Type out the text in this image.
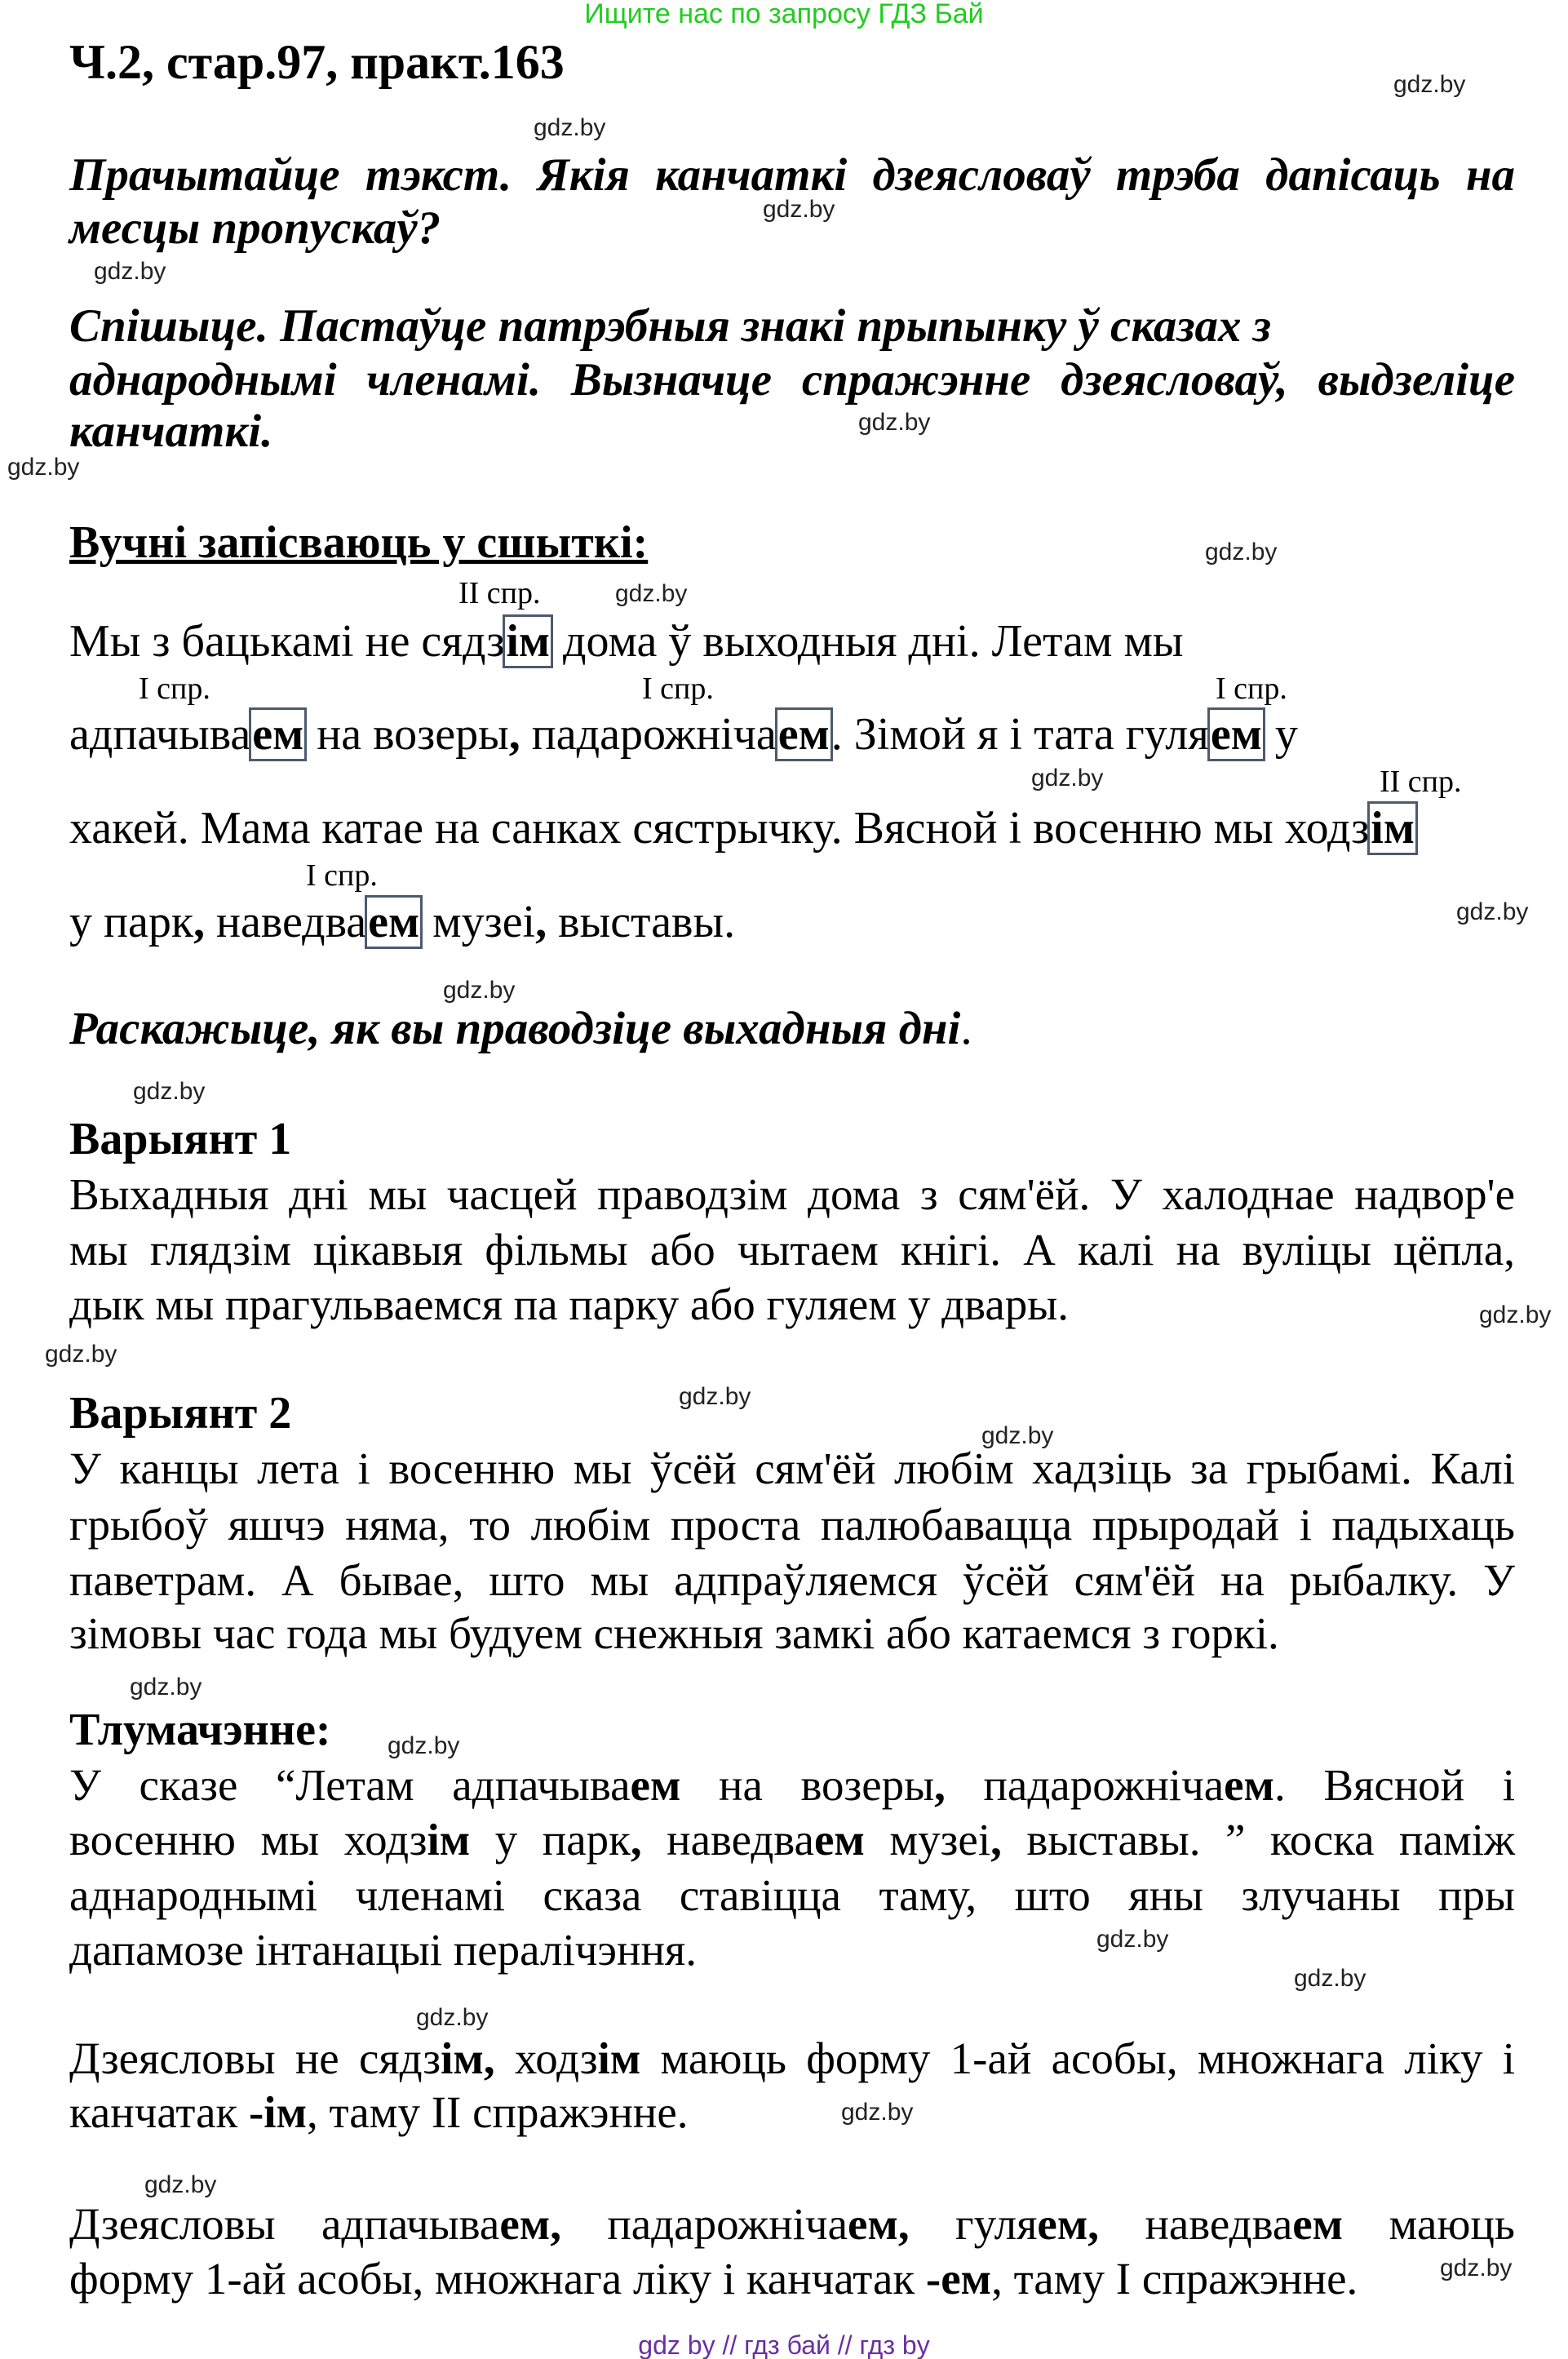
Ищите нас по запросу ГДЗ Бай
Ч.2, стар.97, практ.163
Прачытайце тэкст. Якія канчаткі дзеясловаў трэба дапісаць на
месцы пропускаў?
Спішыце. Пастаўце патрэбныя знакі прыпынку ў сказах з
аднароднымі членамі. Вызначце спражэнне дзеясловаў, выдзеліце
канчаткі.
Вучні запісваюць у сшыткі:
II спр.
I спр.	I спр.	I спр.
II спр.
I спр.
Мы з бацькамі не сядзім дома ў выходныя дні. Летам мы
адпачываем на возеры, падарожнічаем. Зімой я і тата гуляем у
хакей. Мама катае на санках сястрычку. Вясной і восенню мы ходзім
у парк, наведваем музеі, выставы.
Раскажыце, як вы праводзіце выхадныя дні.
Варыянт 1
Выхадныя дні мы часцей праводзім дома з сям'ёй. У халоднае надвор'е
мы глядзім цікавыя фільмы або чытаем кнігі. А калі на вуліцы цёпла,
дык мы прагульваемся па парку або гуляем у двары.
Варыянт 2
У канцы лета і восенню мы ўсёй сям'ёй любім хадзіць за грыбамі. Калі
грыбоў яшчэ няма, то любім проста палюбавацца прыродай і падыхаць
паветрам. А бывае, што мы адпраўляемся ўсёй сям'ёй на рыбалку. У
зімовы час года мы будуем снежныя замкі або катаемся з горкі.
Тлумачэнне:
У сказе “Летам адпачываем на возеры, падарожнічаем. Вясной і
восенню мы ходзім у парк, наведваем музеі, выставы. ” коска паміж
аднароднымі членамі сказа ставіцца таму, што яны злучаны пры
дапамозе інтанацыі пералічэння.
Дзеясловы не сядзім, ходзім маюць форму 1-ай асобы, множнага ліку і
канчатак -ім, таму II спражэнне.
Дзеясловы адпачываем, падарожнічаем, гуляем, наведваем маюць
форму 1-ай асобы, множнага ліку і канчатак -ем, таму I спражэнне.
gdz by // гдз бай // гдз by
gdz.by
gdz.by
gdz.by
gdz.by
gdz.by
gdz.by
gdz.by
gdz.by
gdz.by
gdz.by
gdz.by
gdz.by
gdz.by
gdz.by
gdz.by
gdz.by
gdz.by
gdz.by
gdz.by
gdz.by
gdz.by
gdz.by
gdz.by
gdz.by
